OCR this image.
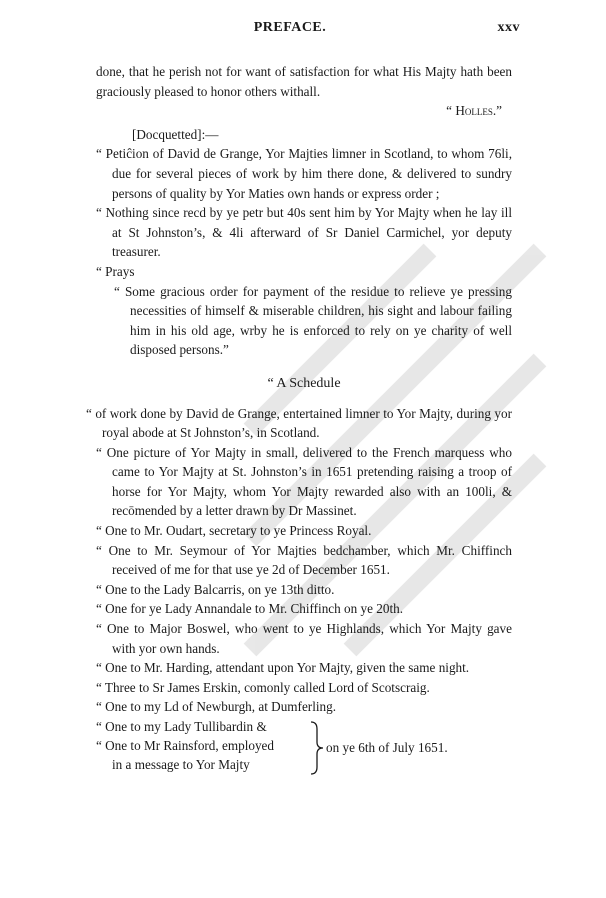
PREFACE.	xxv

done, that he perish not for want of satisfaction for what His Majty hath been graciously pleased to honor others withall.

“ Holles.”

[Docquetted]:—

“ Petiĉion of David de Grange, Yor Majties limner in Scotland, to whom 76li, due for several pieces of work by him there done, & delivered to sundry persons of quality by Yor Maties own hands or express order ;

“ Nothing since recd by ye petr but 40s sent him by Yor Majty when he lay ill at St Johnston’s, & 4li afterward of Sr Daniel Carmichel, yor deputy treasurer.

“ Prays

“ Some gracious order for payment of the residue to relieve ye pressing necessities of himself & miserable children, his sight and labour failing him in his old age, wrby he is enforced to rely on ye charity of well disposed persons.”

“ A Schedule

“ of work done by David de Grange, entertained limner to Yor Majty, during yor royal abode at St Johnston’s, in Scotland.

“ One picture of Yor Majty in small, delivered to the French marquess who came to Yor Majty at St. Johnston’s in 1651 pretending raising a troop of horse for Yor Majty, whom Yor Majty rewarded also with an 100li, & recōmended by a letter drawn by Dr Massinet.

“ One to Mr. Oudart, secretary to ye Princess Royal.

“ One to Mr. Seymour of Yor Majties bedchamber, which Mr. Chiffinch received of me for that use ye 2d of December 1651.

“ One to the Lady Balcarris, on ye 13th ditto.

“ One for ye Lady Annandale to Mr. Chiffinch on ye 20th.

“ One to Major Boswel, who went to ye Highlands, which Yor Majty gave with yor own hands.

“ One to Mr. Harding, attendant upon Yor Majty, given the same night.

“ Three to Sr James Erskin, comonly called Lord of Scotscraig.

“ One to my Ld of Newburgh, at Dumferling.

“ One to my Lady Tullibardin &
“ One to Mr Rainsford, employed
in a message to Yor Majty
on ye 6th of July 1651.
